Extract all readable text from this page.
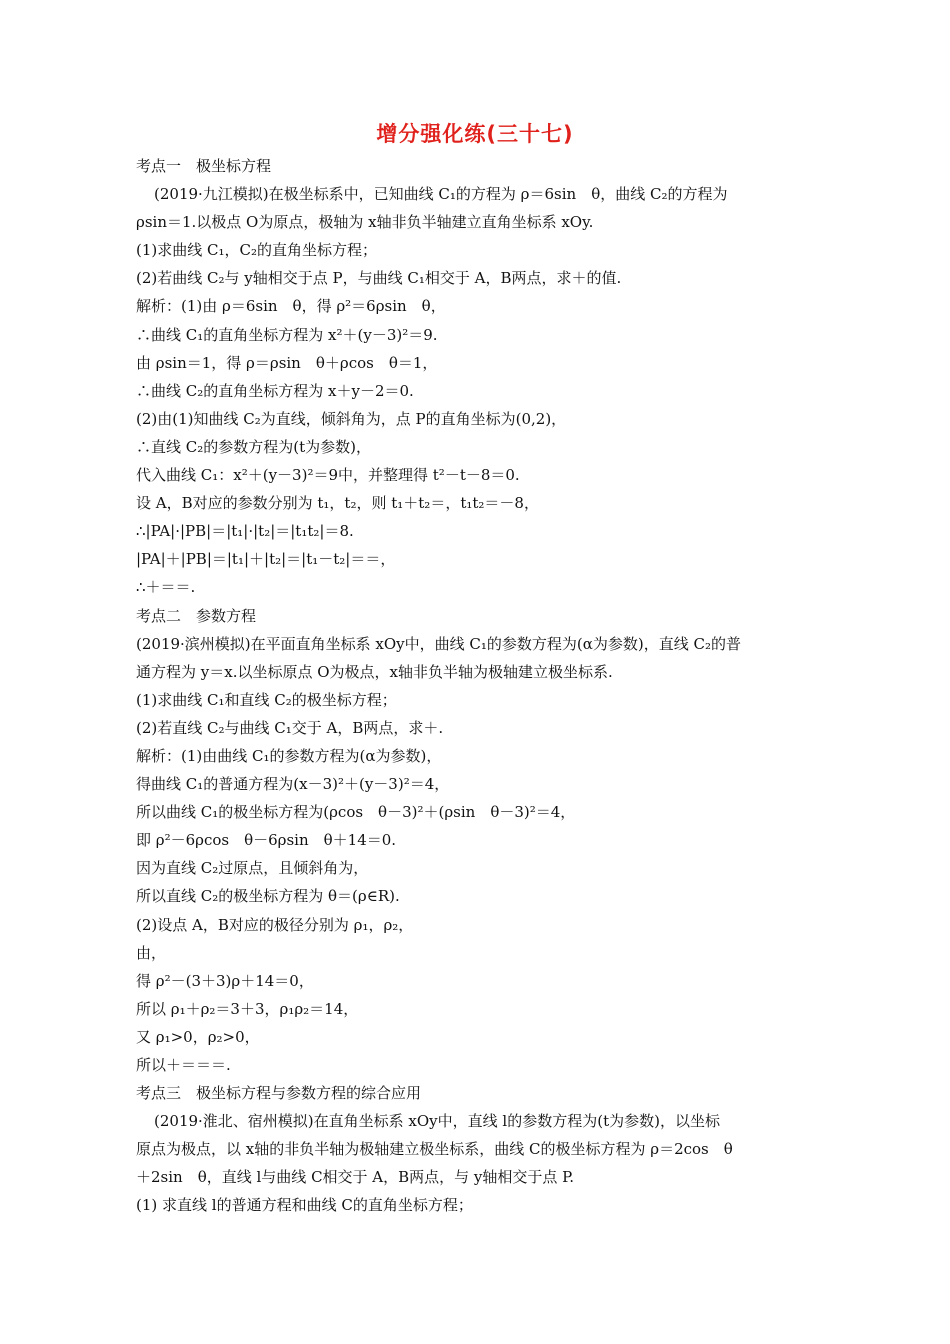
增分强化练(三十七)
考点一　极坐标方程
(2019·九江模拟)在极坐标系中，已知曲线 C₁的方程为 ρ＝6sin　θ，曲线 C₂的方程为
ρsin＝1.以极点 O为原点，极轴为 x轴非负半轴建立直角坐标系 xOy.
(1)求曲线 C₁，C₂的直角坐标方程；
(2)若曲线 C₂与 y轴相交于点 P，与曲线 C₁相交于 A，B两点，求＋的值.
解析：(1)由 ρ＝6sin　θ，得 ρ²＝6ρsin　θ，
∴曲线 C₁的直角坐标方程为 x²＋(y－3)²＝9.
由 ρsin＝1，得 ρ＝ρsin　θ＋ρcos　θ＝1，
∴曲线 C₂的直角坐标方程为 x＋y－2＝0.
(2)由(1)知曲线 C₂为直线，倾斜角为，点 P的直角坐标为(0,2)，
∴直线 C₂的参数方程为(t为参数)，
代入曲线 C₁：x²＋(y－3)²＝9中，并整理得 t²－t－8＝0.
设 A，B对应的参数分别为 t₁，t₂，则 t₁＋t₂＝，t₁t₂＝－8，
∴|PA|·|PB|＝|t₁|·|t₂|＝|t₁t₂|＝8.
|PA|＋|PB|＝|t₁|＋|t₂|＝|t₁－t₂|＝＝，
∴＋＝＝.
考点二　参数方程
(2019·滨州模拟)在平面直角坐标系 xOy中，曲线 C₁的参数方程为(α为参数)，直线 C₂的普
通方程为 y＝x.以坐标原点 O为极点，x轴非负半轴为极轴建立极坐标系.
(1)求曲线 C₁和直线 C₂的极坐标方程；
(2)若直线 C₂与曲线 C₁交于 A，B两点，求＋.
解析：(1)由曲线 C₁的参数方程为(α为参数)，
得曲线 C₁的普通方程为(x－3)²＋(y－3)²＝4，
所以曲线 C₁的极坐标方程为(ρcos　θ－3)²＋(ρsin　θ－3)²＝4，
即 ρ²－6ρcos　θ－6ρsin　θ＋14＝0.
因为直线 C₂过原点，且倾斜角为，
所以直线 C₂的极坐标方程为 θ＝(ρ∈R).
(2)设点 A，B对应的极径分别为 ρ₁，ρ₂，
由，
得 ρ²－(3＋3)ρ＋14＝0，
所以 ρ₁＋ρ₂＝3＋3，ρ₁ρ₂＝14，
又 ρ₁>0，ρ₂>0，
所以＋＝＝＝.
考点三　极坐标方程与参数方程的综合应用
(2019·淮北、宿州模拟)在直角坐标系 xOy中，直线 l的参数方程为(t为参数)，以坐标
原点为极点，以 x轴的非负半轴为极轴建立极坐标系，曲线 C的极坐标方程为 ρ＝2cos　θ
＋2sin　θ，直线 l与曲线 C相交于 A，B两点，与 y轴相交于点 P.
(1) 求直线 l的普通方程和曲线 C的直角坐标方程；
